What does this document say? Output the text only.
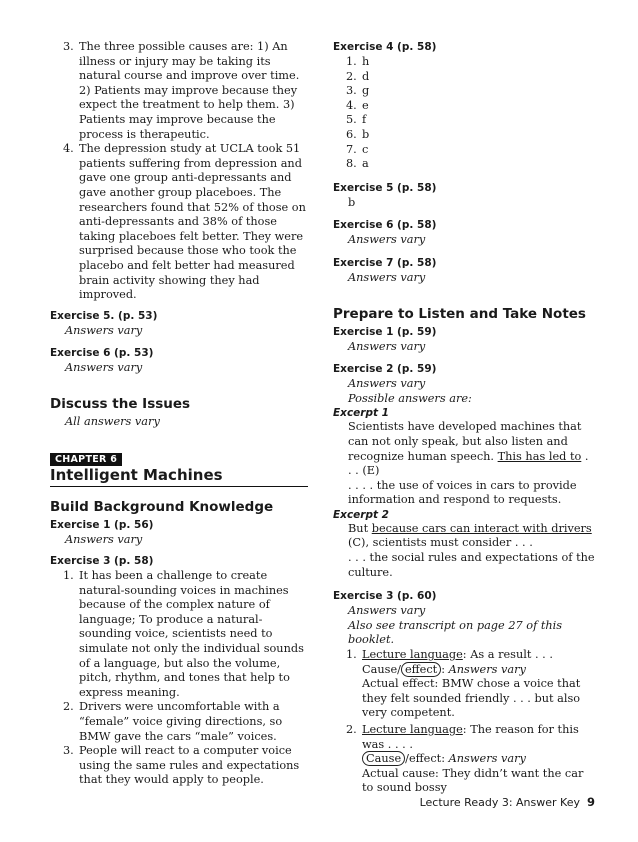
3. The three possible causes are: 1) An illness or injury may be taking its natural course and improve over time. 2) Patients may improve because they expect the treatment to help them. 3) Patients may improve because the process is therapeutic.
4. The depression study at UCLA took 51 patients suffering from depression and gave one group anti-depressants and gave another group placeboes. The researchers found that 52% of those on anti-depressants and 38% of those taking placeboes felt better. They were surprised because those who took the placebo and felt better had measured brain activity showing they had improved.
Exercise 5. (p. 53)
Answers vary
Exercise 6 (p. 53)
Answers vary
Discuss the Issues
All answers vary
CHAPTER 6
Intelligent Machines
Build Background Knowledge
Exercise 1 (p. 56)
Answers vary
Exercise 3 (p. 58)
1. It has been a challenge to create natural-sounding voices in machines because of the complex nature of language; To produce a natural-sounding voice, scientists need to simulate not only the individual sounds of a language, but also the volume, pitch, rhythm, and tones that help to express meaning.
2. Drivers were uncomfortable with a “female” voice giving directions, so BMW gave the cars “male” voices.
3. People will react to a computer voice using the same rules and expectations that they would apply to people.
Exercise 4 (p. 58)
1. h
2. d
3. g
4. e
5. f
6. b
7. c
8. a
Exercise 5 (p. 58)
b
Exercise 6 (p. 58)
Answers vary
Exercise 7 (p. 58)
Answers vary
Prepare to Listen and Take Notes
Exercise 1 (p. 59)
Answers vary
Exercise 2 (p. 59)
Answers vary
Possible answers are:
Excerpt 1
Scientists have developed machines that can not only speak, but also listen and recognize human speech. This has led to . . . (E)
. . . . the use of voices in cars to provide information and respond to requests.
Excerpt 2
But because cars can interact with drivers (C), scientists must consider . . .
. . . the social rules and expectations of the culture.
Exercise 3 (p. 60)
Answers vary
Also see transcript on page 27 of this booklet.
1. Lecture language: As a result . . .
Cause/ effect : Answers vary
Actual effect: BMW chose a voice that they felt sounded friendly . . . but also very competent.
2. Lecture language: The reason for this was . . . .
Cause /effect: Answers vary
Actual cause: They didn’t want the car to sound bossy
Lecture Ready 3: Answer Key 9
